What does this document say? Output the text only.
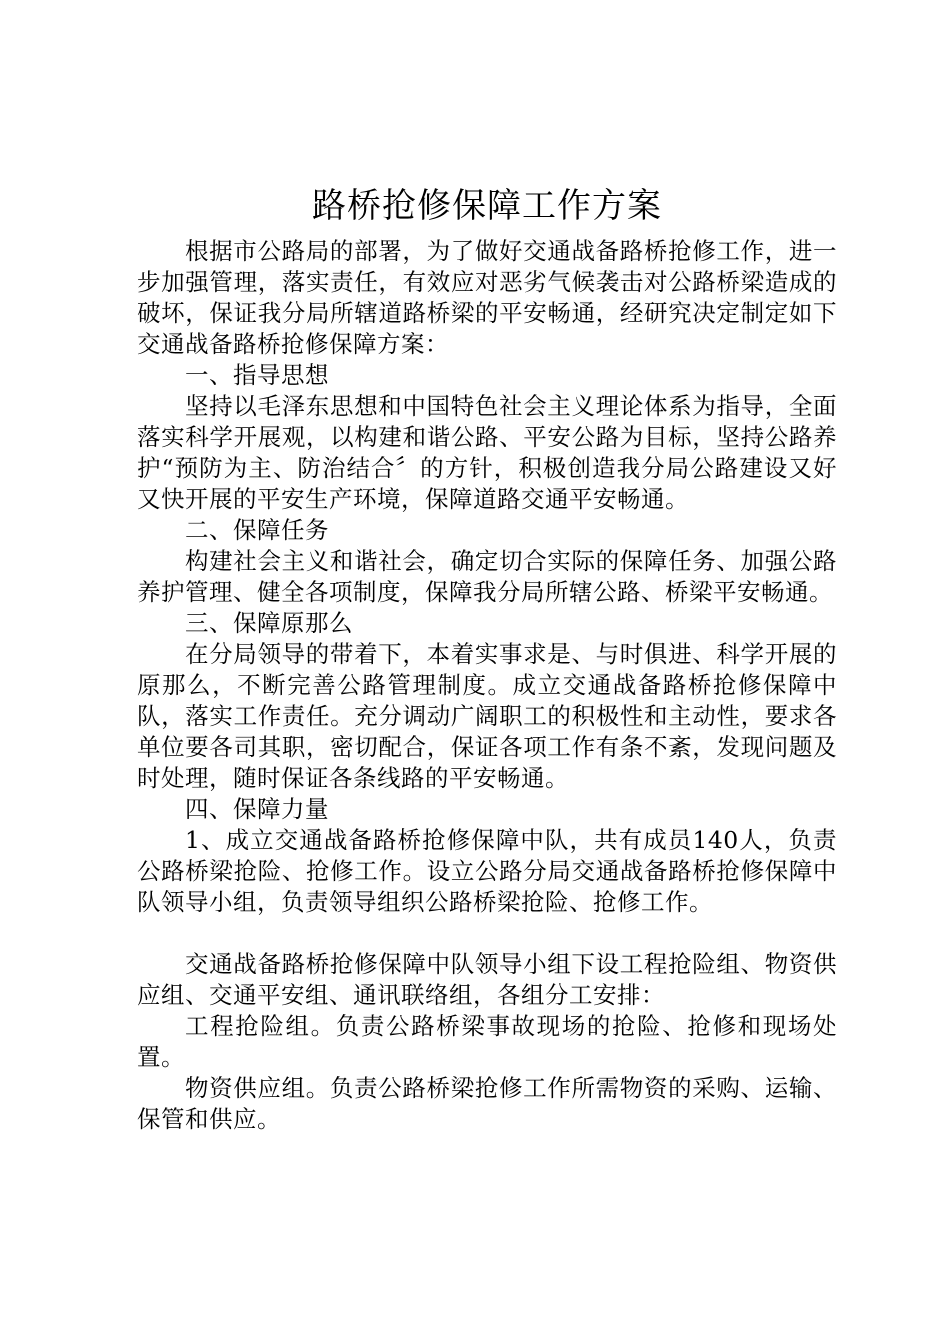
路桥抢修保障工作方案

根据市公路局的部署，为了做好交通战备路桥抢修工作，进一步加强管理，落实责任，有效应对恶劣气候袭击对公路桥梁造成的破坏，保证我分局所辖道路桥梁的平安畅通，经研究决定制定如下交通战备路桥抢修保障方案：

一、指导思想

坚持以毛泽东思想和中国特色社会主义理论体系为指导，全面落实科学开展观，以构建和谐公路、平安公路为目标，坚持公路养护“预防为主、防治结合〞的方针，积极创造我分局公路建设又好又快开展的平安生产环境，保障道路交通平安畅通。

二、保障任务

构建社会主义和谐社会，确定切合实际的保障任务、加强公路养护管理、健全各项制度，保障我分局所辖公路、桥梁平安畅通。

三、保障原那么

在分局领导的带着下，本着实事求是、与时俱进、科学开展的原那么，不断完善公路管理制度。成立交通战备路桥抢修保障中队，落实工作责任。充分调动广阔职工的积极性和主动性，要求各单位要各司其职，密切配合，保证各项工作有条不紊，发现问题及时处理，随时保证各条线路的平安畅通。

四、保障力量

1、成立交通战备路桥抢修保障中队，共有成员140人，负责公路桥梁抢险、抢修工作。设立公路分局交通战备路桥抢修保障中队领导小组，负责领导组织公路桥梁抢险、抢修工作。

交通战备路桥抢修保障中队领导小组下设工程抢险组、物资供应组、交通平安组、通讯联络组，各组分工安排：

工程抢险组。负责公路桥梁事故现场的抢险、抢修和现场处置。

物资供应组。负责公路桥梁抢修工作所需物资的采购、运输、保管和供应。
